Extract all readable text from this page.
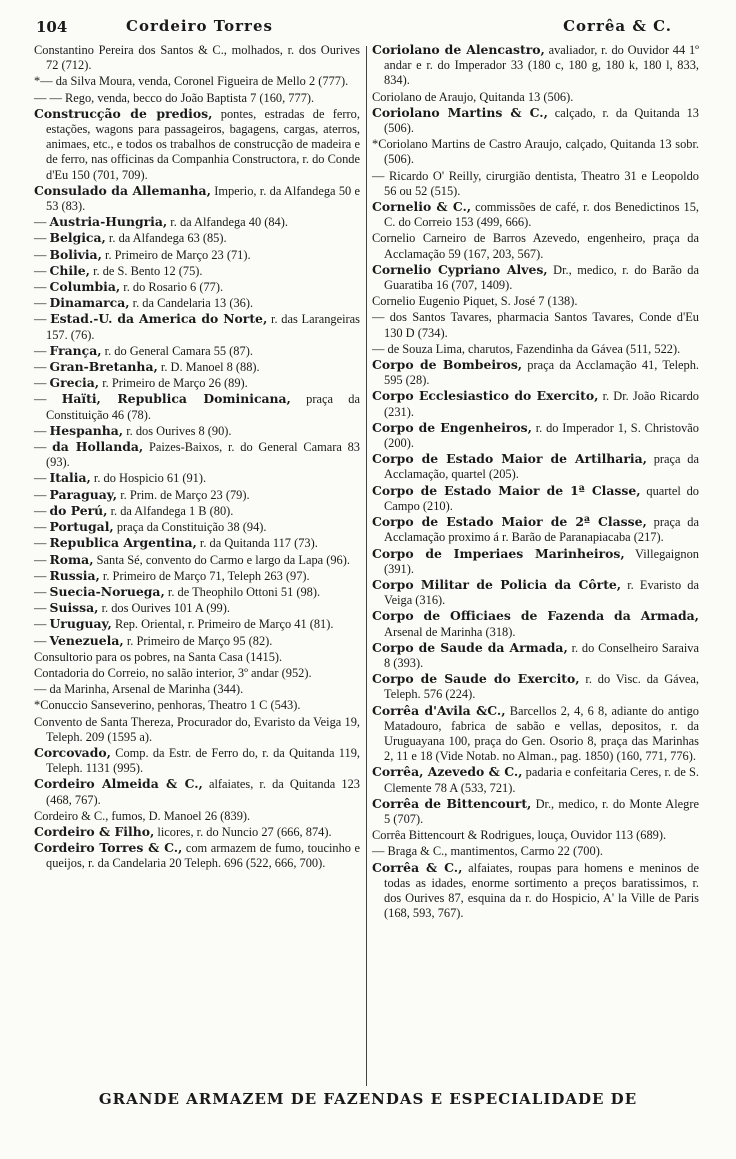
104	Cordeiro Torres	Corrêa & C.

Constantino Pereira dos Santos & C., molhados, r. dos Ourives 72 (712).

*— da Silva Moura, venda, Coronel Figueira de Mello 2 (777).

— — Rego, venda, becco do João Baptista 7 (160, 777).

Construcção de predios, pontes, estradas de ferro, estações, wagons para passageiros, bagagens, cargas, aterros, animaes, etc., e todos os trabalhos de construcção de madeira e de ferro, nas officinas da Companhia Constructora, r. do Conde d'Eu 150 (701, 709).

Consulado da Allemanha, Imperio, r. da Alfandega 50 e 53 (83).

— Austria-Hungria, r. da Alfandega 40 (84).

— Belgica, r. da Alfandega 63 (85).

— Bolivia, r. Primeiro de Março 23 (71).

— Chile, r. de S. Bento 12 (75).

— Columbia, r. do Rosario 6 (77).

— Dinamarca, r. da Candelaria 13 (36).

— Estad.-U. da America do Norte, r. das Larangeiras 157. (76).

— França, r. do General Camara 55 (87).

— Gran-Bretanha, r. D. Manoel 8 (88).

— Grecia, r. Primeiro de Março 26 (89).

— Haïti, Republica Dominicana, praça da Constituição 46 (78).

— Hespanha, r. dos Ourives 8 (90).

— da Hollanda, Paizes-Baixos, r. do General Camara 83 (93).

— Italia, r. do Hospicio 61 (91).

— Paraguay, r. Prim. de Março 23 (79).

— do Perú, r. da Alfandega 1 B (80).

— Portugal, praça da Constituição 38 (94).

— Republica Argentina, r. da Quitanda 117 (73).

— Roma, Santa Sé, convento do Carmo e largo da Lapa (96).

— Russia, r. Primeiro de Março 71, Teleph 263 (97).

— Suecia-Noruega, r. de Theophilo Ottoni 51 (98).

— Suissa, r. dos Ourives 101 A (99).

— Uruguay, Rep. Oriental, r. Primeiro de Março 41 (81).

— Venezuela, r. Primeiro de Março 95 (82).

Consultorio para os pobres, na Santa Casa (1415).

Contadoria do Correio, no salão interior, 3º andar (952).

— da Marinha, Arsenal de Marinha (344).

*Conuccio Sanseverino, penhoras, Theatro 1 C (543).

Convento de Santa Thereza, Procurador do, Evaristo da Veiga 19, Teleph. 209 (1595 a).

Corcovado, Comp. da Estr. de Ferro do, r. da Quitanda 119, Teleph. 1131 (995).

Cordeiro Almeida & C., alfaiates, r. da Quitanda 123 (468, 767).

Cordeiro & C., fumos, D. Manoel 26 (839).

Cordeiro & Filho, licores, r. do Nuncio 27 (666, 874).

Cordeiro Torres & C., com armazem de fumo, toucinho e queijos, r. da Candelaria 20 Teleph. 696 (522, 666, 700).

Coriolano de Alencastro, avaliador, r. do Ouvidor 44 1º andar e r. do Imperador 33 (180 c, 180 g, 180 k, 180 l, 833, 834).

Coriolano de Araujo, Quitanda 13 (506).

Coriolano Martins & C., calçado, r. da Quitanda 13 (506).

*Coriolano Martins de Castro Araujo, calçado, Quitanda 13 sobr. (506).

— Ricardo O' Reilly, cirurgião dentista, Theatro 31 e Leopoldo 56 ou 52 (515).

Cornelio & C., commissões de café, r. dos Benedictinos 15, C. do Correio 153 (499, 666).

Cornelio Carneiro de Barros Azevedo, engenheiro, praça da Acclamação 59 (167, 203, 567).

Cornelio Cypriano Alves, Dr., medico, r. do Barão da Guaratiba 16 (707, 1409).

Cornelio Eugenio Piquet, S. José 7 (138).

— dos Santos Tavares, pharmacia Santos Tavares, Conde d'Eu 130 D (734).

— de Souza Lima, charutos, Fazendinha da Gávea (511, 522).

Corpo de Bombeiros, praça da Acclamação 41, Teleph. 595 (28).

Corpo Ecclesiastico do Exercito, r. Dr. João Ricardo (231).

Corpo de Engenheiros, r. do Imperador 1, S. Christovão (200).

Corpo de Estado Maior de Artilharia, praça da Acclamação, quartel (205).

Corpo de Estado Maior de 1ª Classe, quartel do Campo (210).

Corpo de Estado Maior de 2ª Classe, praça da Acclamação proximo á r. Barão de Paranapiacaba (217).

Corpo de Imperiaes Marinheiros, Villegaignon (391).

Corpo Militar de Policia da Côrte, r. Evaristo da Veiga (316).

Corpo de Officiaes de Fazenda da Armada, Arsenal de Marinha (318).

Corpo de Saude da Armada, r. do Conselheiro Saraiva 8 (393).

Corpo de Saude do Exercito, r. do Visc. da Gávea, Teleph. 576 (224).

Corrêa d'Avila &C., Barcellos 2, 4, 6 8, adiante do antigo Matadouro, fabrica de sabão e vellas, depositos, r. da Uruguayana 100, praça do Gen. Osorio 8, praça das Marinhas 2, 11 e 18 (Vide Notab. no Alman., pag. 1850) (160, 771, 776).

Corrêa, Azevedo & C., padaria e confeitaria Ceres, r. de S. Clemente 78 A (533, 721).

Corrêa de Bittencourt, Dr., medico, r. do Monte Alegre 5 (707).

Corrêa Bittencourt & Rodrigues, louça, Ouvidor 113 (689).

— Braga & C., mantimentos, Carmo 22 (700).

Corrêa & C., alfaiates, roupas para homens e meninos de todas as idades, enorme sortimento a preços baratissimos, r. dos Ourives 87, esquina da r. do Hospicio, A' la Ville de Paris (168, 593, 767).

GRANDE ARMAZEM DE FAZENDAS E ESPECIALIDADE DE
